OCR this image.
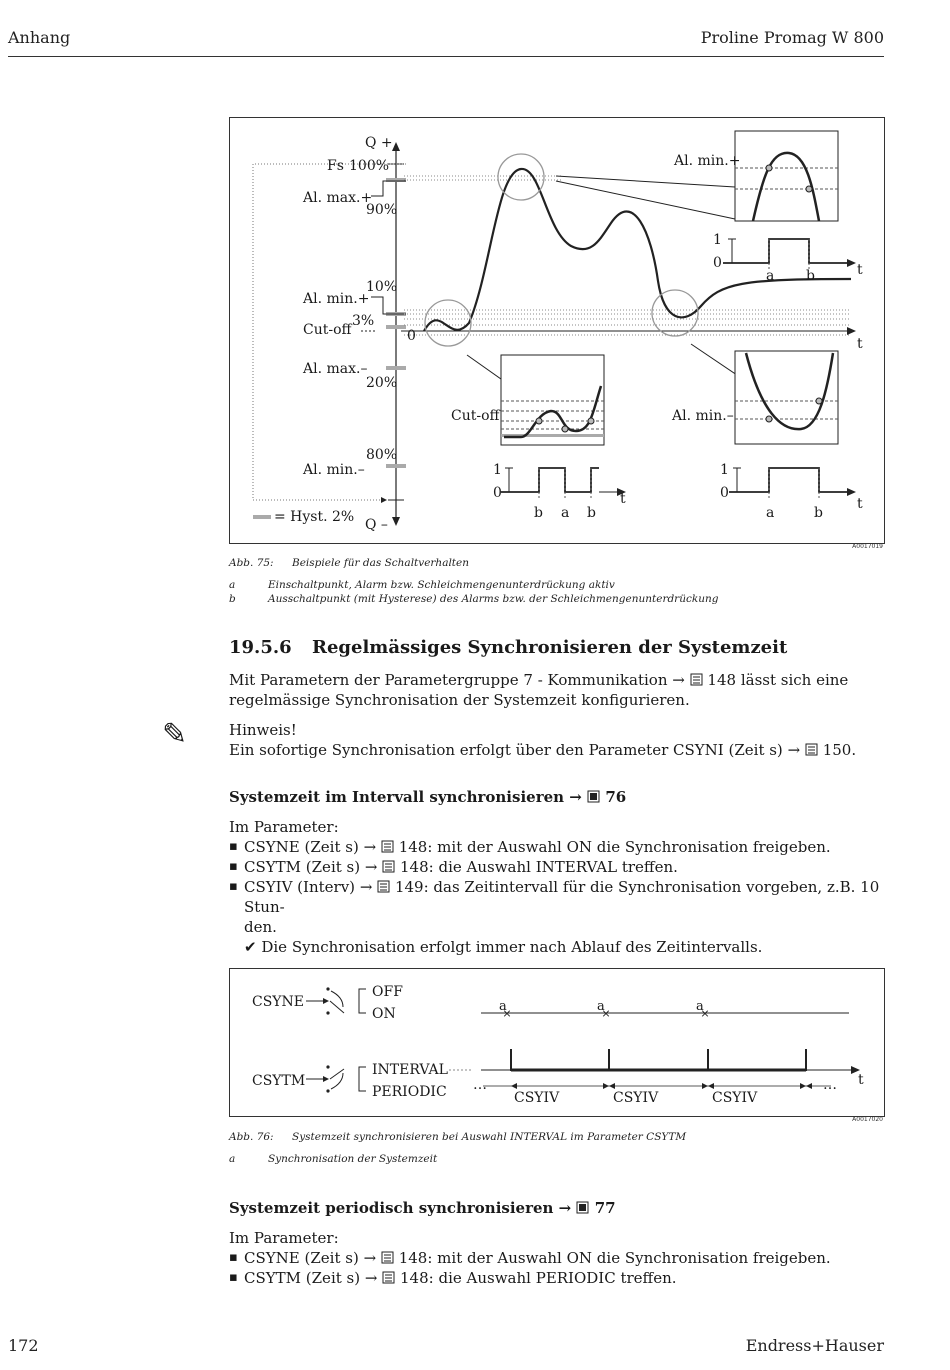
Anhang	Proline Promag W 800
Q +
Fs 100%
Al. max.+
90%
10%
Al. min.+
3%
Cut-off	0
Al. max.–
20%
80%
Al. min.–
= Hyst. 2% Q –
Al. min.+
1
0
a b	t
t
Cut-off
1
0
b a b
t
Al. min.–
1
0
a	b
t
A0017019
Abb. 75: Beispiele für das Schaltverhalten
a	Einschaltpunkt, Alarm bzw. Schleichmengenunterdrückung aktiv
b	Ausschaltpunkt (mit Hysterese) des Alarms bzw. der Schleichmengenunterdrückung
19.5.6 Regelmässiges Synchronisieren der Systemzeit
Mit Parametern der Parametergruppe 7 - Kommunikation → 148 lässt sich eine
regelmässige Synchronisation der Systemzeit konfigurieren.
✎	Hinweis!
Ein sofortige Synchronisation erfolgt über den Parameter CSYNI (Zeit s) → 150.
Systemzeit im Intervall synchronisieren → 76
Im Parameter:
▪ CSYNE (Zeit s) → 148: mit der Auswahl ON die Synchronisation freigeben.
▪ CSYTM (Zeit s) → 148: die Auswahl INTERVAL treffen.
▪ CSYIV (Interv) → 149: das Zeitintervall für die Synchronisation vorgeben, z.B. 10 Stun-
den.
✔ Die Synchronisation erfolgt immer nach Ablauf des Zeitintervalls.
×	×	×
CSYNE
OFF
ON
CSYTM
INTERVAL
PERIODIC
a	a	a
…	…
CSYIV	CSYIV	CSYIV
t
A0017020
Abb. 76: Systemzeit synchronisieren bei Auswahl INTERVAL im Parameter CSYTM
a	Synchronisation der Systemzeit
Systemzeit periodisch synchronisieren → 77
Im Parameter:
▪ CSYNE (Zeit s) → 148: mit der Auswahl ON die Synchronisation freigeben.
▪ CSYTM (Zeit s) → 148: die Auswahl PERIODIC treffen.
172	Endress+Hauser
